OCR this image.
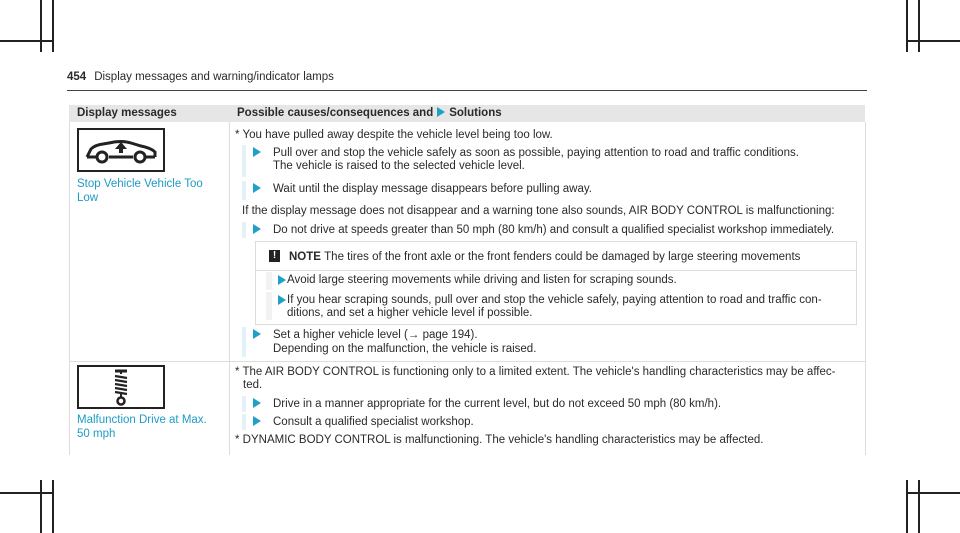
454 Display messages and warning/indicator lamps
Display messages	Possible causes/consequences and Solutions
Stop Vehicle Vehicle Too Low
* You have pulled away despite the vehicle level being too low.
Pull over and stop the vehicle safely as soon as possible, paying attention to road and traffic conditions.
The vehicle is raised to the selected vehicle level.
Wait until the display message disappears before pulling away.
If the display message does not disappear and a warning tone also sounds, AIR BODY CONTROL is malfunctioning:
Do not drive at speeds greater than 50 mph (80 km/h) and consult a qualified specialist workshop immediately.
!	NOTE The tires of the front axle or the front fenders could be damaged by large steering movements
Avoid large steering movements while driving and listen for scraping sounds.
If you hear scraping sounds, pull over and stop the vehicle safely, paying attention to road and traffic con-
ditions, and set a higher vehicle level if possible.
Set a higher vehicle level (→ page 194).
Depending on the malfunction, the vehicle is raised.
Malfunction Drive at Max. 50 mph
* The AIR BODY CONTROL is functioning only to a limited extent. The vehicle's handling characteristics may be affec-
ted.
Drive in a manner appropriate for the current level, but do not exceed 50 mph (80 km/h).
Consult a qualified specialist workshop.
* DYNAMIC BODY CONTROL is malfunctioning. The vehicle's handling characteristics may be affected.
